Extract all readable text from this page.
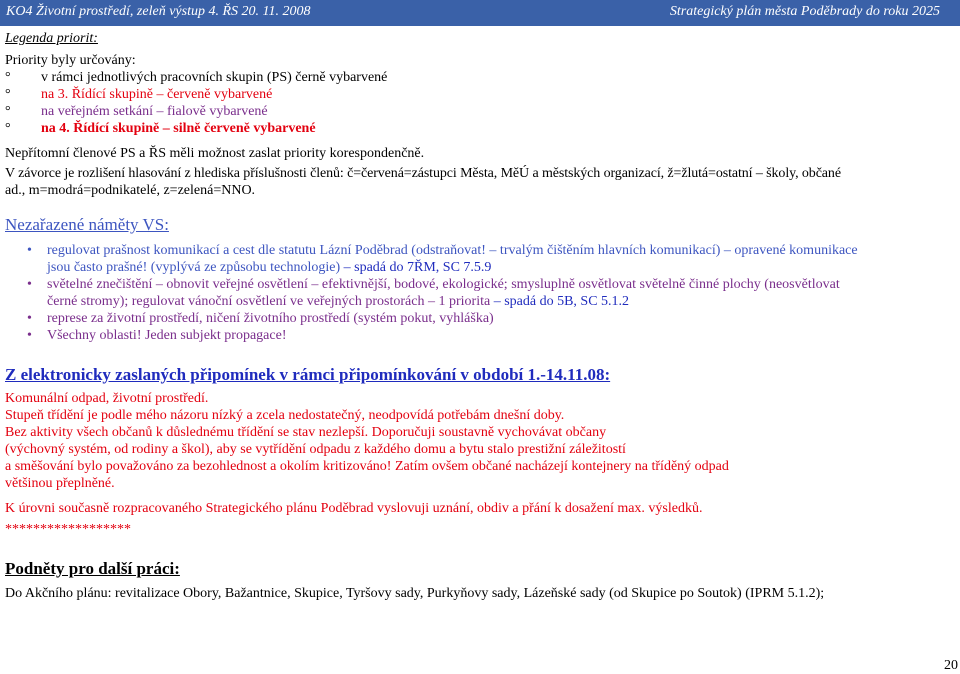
KO4 Životní prostředí, zeleň výstup 4. ŘS 20. 11. 2008	Strategický plán města Poděbrady do roku 2025
Legenda priorit:
Priority byly určovány:
° v rámci jednotlivých pracovních skupin (PS) černě vybarvené
° na 3. Řídící skupině – červeně vybarvené
° na veřejném setkání – fialově vybarvené
° na 4. Řídící skupině – silně červeně vybarvené
Nepřítomní členové PS a ŘS měli možnost zaslat priority korespondenčně.
V závorce je rozlišení hlasování z hlediska příslušnosti členů: č=červená=zástupci Města, MěÚ a městských organizací, ž=žlutá=ostatní – školy, občané
ad., m=modrá=podnikatelé, z=zelená=NNO.
Nezařazené náměty VS:
• regulovat prašnost komunikací a cest dle statutu Lázní Poděbrad (odstraňovat! – trvalým čištěním hlavních komunikací) – opravené komunikace
jsou často prašné! (vyplývá ze způsobu technologie) – spadá do 7ŘM, SC 7.5.9
• světelné znečištění – obnovit veřejné osvětlení – efektivnější, bodové, ekologické; smysluplně osvětlovat světelně činné plochy (neosvětlovat
černé stromy); regulovat vánoční osvětlení ve veřejných prostorách – 1 priorita – spadá do 5B, SC 5.1.2
• represe za životní prostředí, ničení životního prostředí (systém pokut, vyhláška)
• Všechny oblasti! Jeden subjekt propagace!
Z elektronicky zaslaných připomínek v rámci připomínkování v období 1.-14.11.08:
Komunální odpad, životní prostředí.
Stupeň třídění je podle mého názoru nízký a zcela nedostatečný, neodpovídá potřebám dnešní doby.
Bez aktivity všech občanů k důslednému třídění se stav nezlepší. Doporučuji soustavně vychovávat občany
(výchovný systém, od rodiny a škol), aby se vytřídění odpadu z každého domu a bytu stalo prestižní záležitostí
a směšování bylo považováno za bezohlednost a okolím kritizováno! Zatím ovšem občané nacházejí kontejnery na tříděný odpad
většinou přeplněné.
K úrovni současně rozpracovaného Strategického plánu Poděbrad vyslovuji uznání, obdiv a přání k dosažení max. výsledků.
******************
Podněty pro další práci:
Do Akčního plánu: revitalizace Obory, Bažantnice, Skupice, Tyršovy sady, Purkyňovy sady, Lázeňské sady (od Skupice po Soutok) (IPRM 5.1.2);
20
